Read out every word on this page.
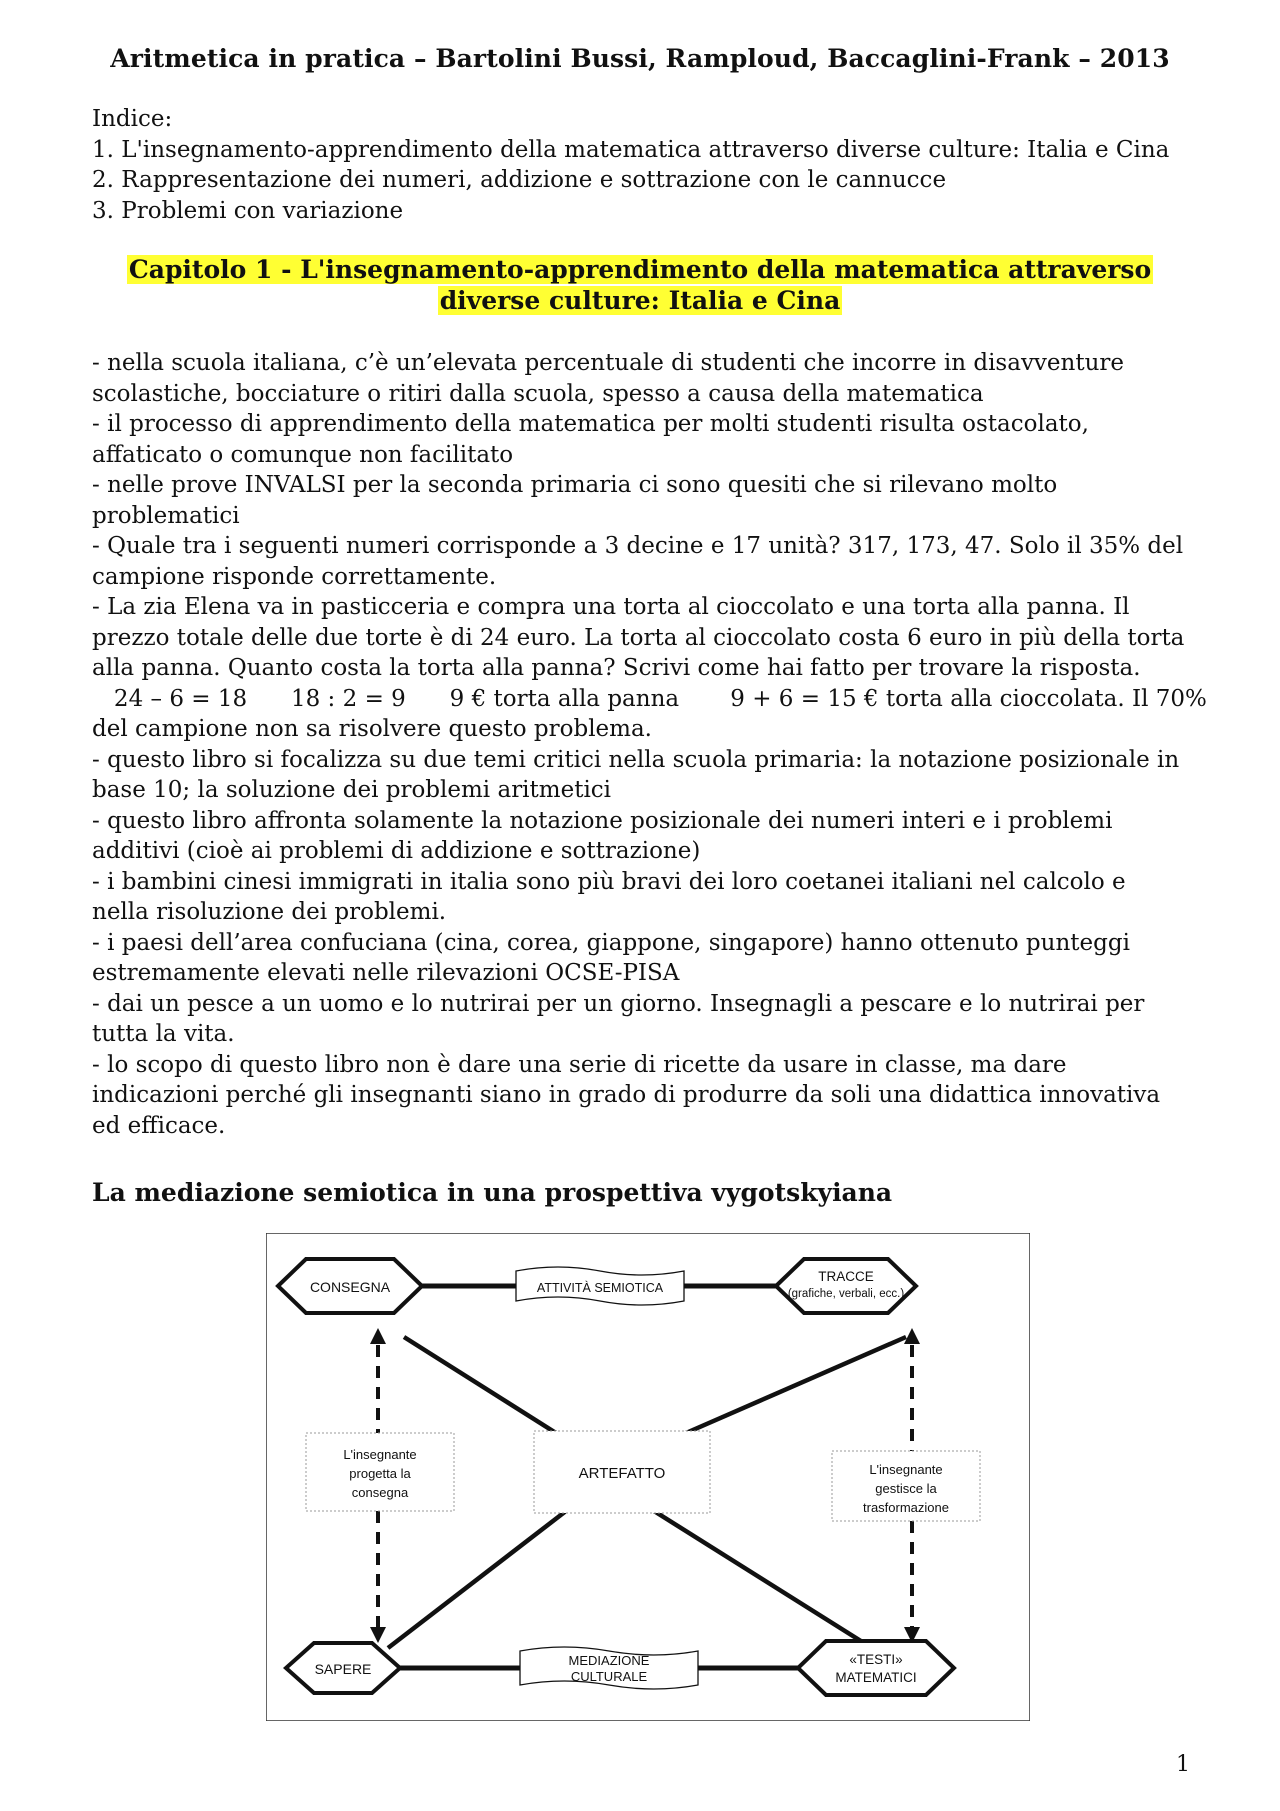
Aritmetica in pratica – Bartolini Bussi, Ramploud, Baccaglini-Frank – 2013
Indice:
1. L'insegnamento-apprendimento della matematica attraverso diverse culture: Italia e Cina
2. Rappresentazione dei numeri, addizione e sottrazione con le cannucce
3. Problemi con variazione
Capitolo 1 - L'insegnamento-apprendimento della matematica attraverso
diverse culture: Italia e Cina
- nella scuola italiana, c’è un’elevata percentuale di studenti che incorre in disavventure
scolastiche, bocciature o ritiri dalla scuola, spesso a causa della matematica
- il processo di apprendimento della matematica per molti studenti risulta ostacolato,
affaticato o comunque non facilitato
- nelle prove INVALSI per la seconda primaria ci sono quesiti che si rilevano molto
problematici
- Quale tra i seguenti numeri corrisponde a 3 decine e 17 unità? 317, 173, 47. Solo il 35% del
campione risponde correttamente.
- La zia Elena va in pasticceria e compra una torta al cioccolato e una torta alla panna. Il
prezzo totale delle due torte è di 24 euro. La torta al cioccolato costa 6 euro in più della torta
alla panna. Quanto costa la torta alla panna? Scrivi come hai fatto per trovare la risposta.
24 – 6 = 18      18 : 2 = 9      9 € torta alla panna       9 + 6 = 15 € torta alla cioccolata. Il 70%
del campione non sa risolvere questo problema.
- questo libro si focalizza su due temi critici nella scuola primaria: la notazione posizionale in
base 10; la soluzione dei problemi aritmetici
- questo libro affronta solamente la notazione posizionale dei numeri interi e i problemi
additivi (cioè ai problemi di addizione e sottrazione)
- i bambini cinesi immigrati in italia sono più bravi dei loro coetanei italiani nel calcolo e
nella risoluzione dei problemi.
- i paesi dell’area confuciana (cina, corea, giappone, singapore) hanno ottenuto punteggi
estremamente elevati nelle rilevazioni OCSE-PISA
- dai un pesce a un uomo e lo nutrirai per un giorno. Insegnagli a pescare e lo nutrirai per
tutta la vita.
- lo scopo di questo libro non è dare una serie di ricette da usare in classe, ma dare
indicazioni perché gli insegnanti siano in grado di produrre da soli una didattica innovativa
ed efficace.
La mediazione semiotica in una prospettiva vygotskyiana
CONSEGNA	ATTIVITÀ SEMIOTICA
TRACCE
(grafiche, verbali, ecc.)
L'insegnante
progetta la
consegna
ARTEFATTO	L'insegnante
gestisce la
trasformazione
SAPERE
MEDIAZIONE
CULTURALE
«TESTI»
MATEMATICI
1
